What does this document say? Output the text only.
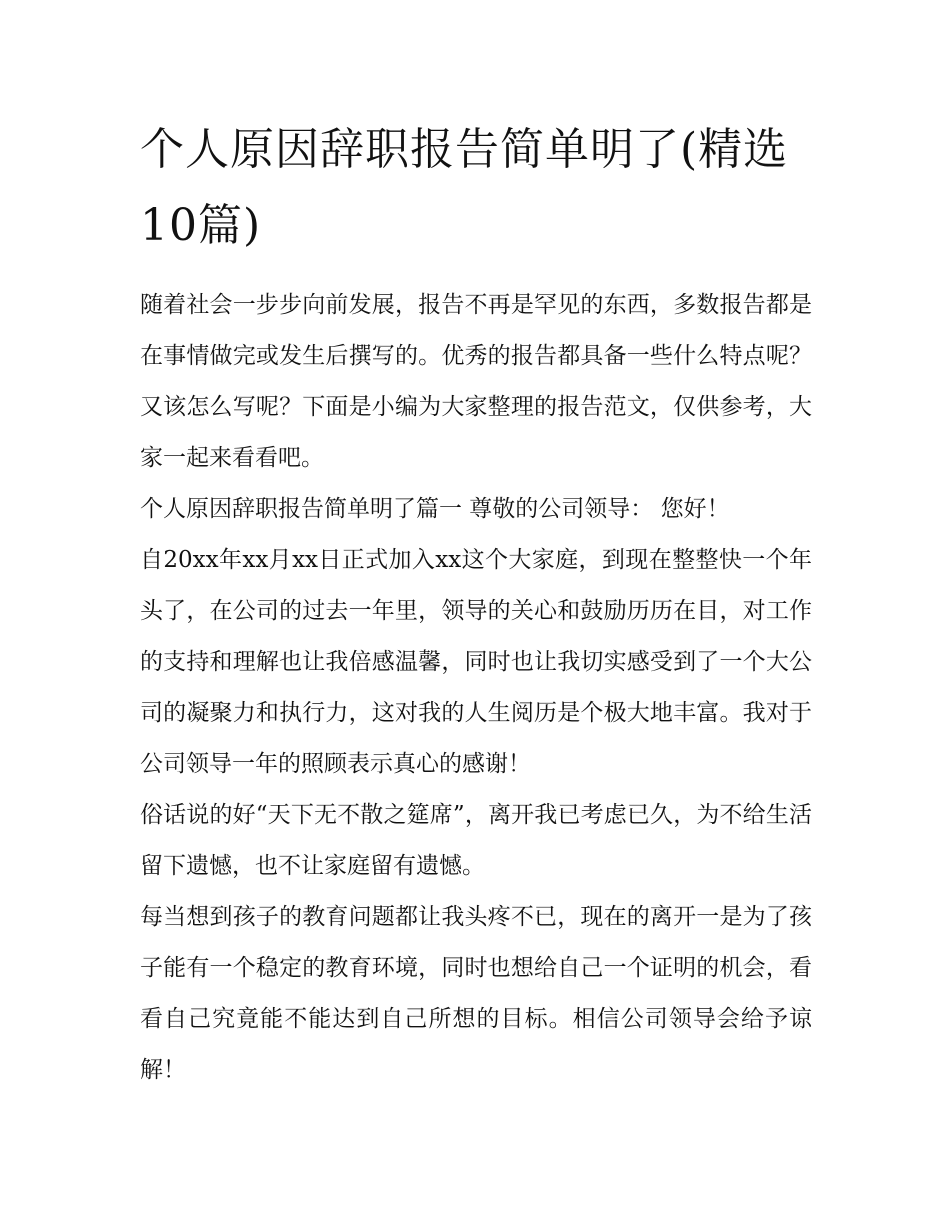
个人原因辞职报告简单明了(精选10篇)

随着社会一步步向前发展，报告不再是罕见的东西，多数报告都是在事情做完或发生后撰写的。优秀的报告都具备一些什么特点呢？又该怎么写呢？下面是小编为大家整理的报告范文，仅供参考，大家一起来看看吧。

个人原因辞职报告简单明了篇一 尊敬的公司领导： 您好！

自20xx年xx月xx日正式加入xx这个大家庭，到现在整整快一个年头了，在公司的过去一年里，领导的关心和鼓励历历在目，对工作的支持和理解也让我倍感温馨，同时也让我切实感受到了一个大公司的凝聚力和执行力，这对我的人生阅历是个极大地丰富。我对于公司领导一年的照顾表示真心的感谢！

俗话说的好“天下无不散之筵席”，离开我已考虑已久，为不给生活留下遗憾，也不让家庭留有遗憾。

每当想到孩子的教育问题都让我头疼不已，现在的离开一是为了孩子能有一个稳定的教育环境，同时也想给自己一个证明的机会，看看自己究竟能不能达到自己所想的目标。相信公司领导会给予谅解！
